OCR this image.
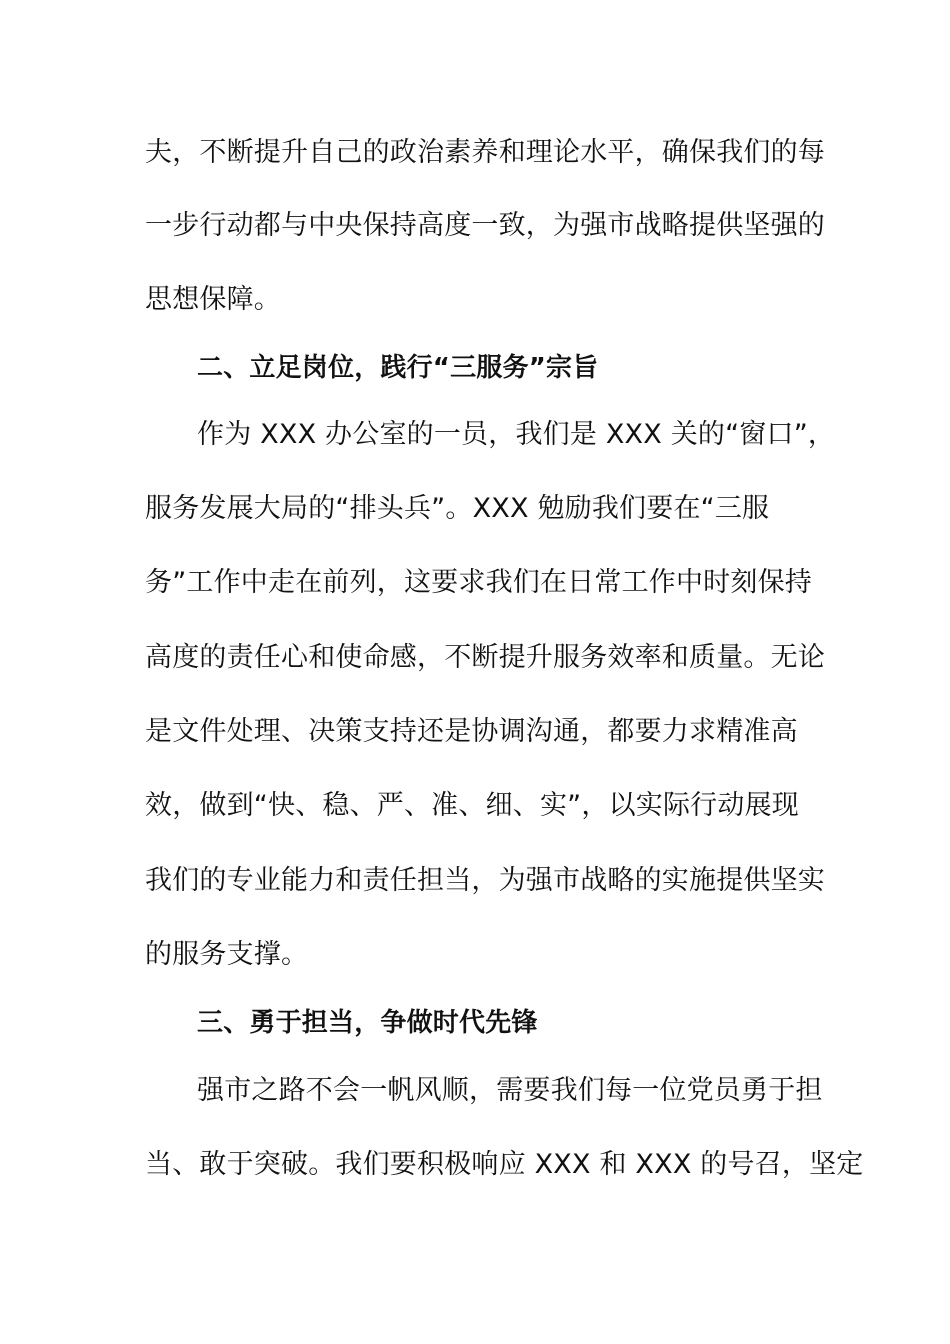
夫，不断提升自己的政治素养和理论水平，确保我们的每
一步行动都与中央保持高度一致，为强市战略提供坚强的
思想保障。
二、立足岗位，践行“三服务”宗旨
作为 XXX 办公室的一员，我们是 XXX 关的“窗口”，
服务发展大局的“排头兵”。XXX 勉励我们要在“三服
务”工作中走在前列，这要求我们在日常工作中时刻保持
高度的责任心和使命感，不断提升服务效率和质量。无论
是文件处理、决策支持还是协调沟通，都要力求精准高
效，做到“快、稳、严、准、细、实”，以实际行动展现
我们的专业能力和责任担当，为强市战略的实施提供坚实
的服务支撑。
三、勇于担当，争做时代先锋
强市之路不会一帆风顺，需要我们每一位党员勇于担
当、敢于突破。我们要积极响应 XXX 和 XXX 的号召，坚定
